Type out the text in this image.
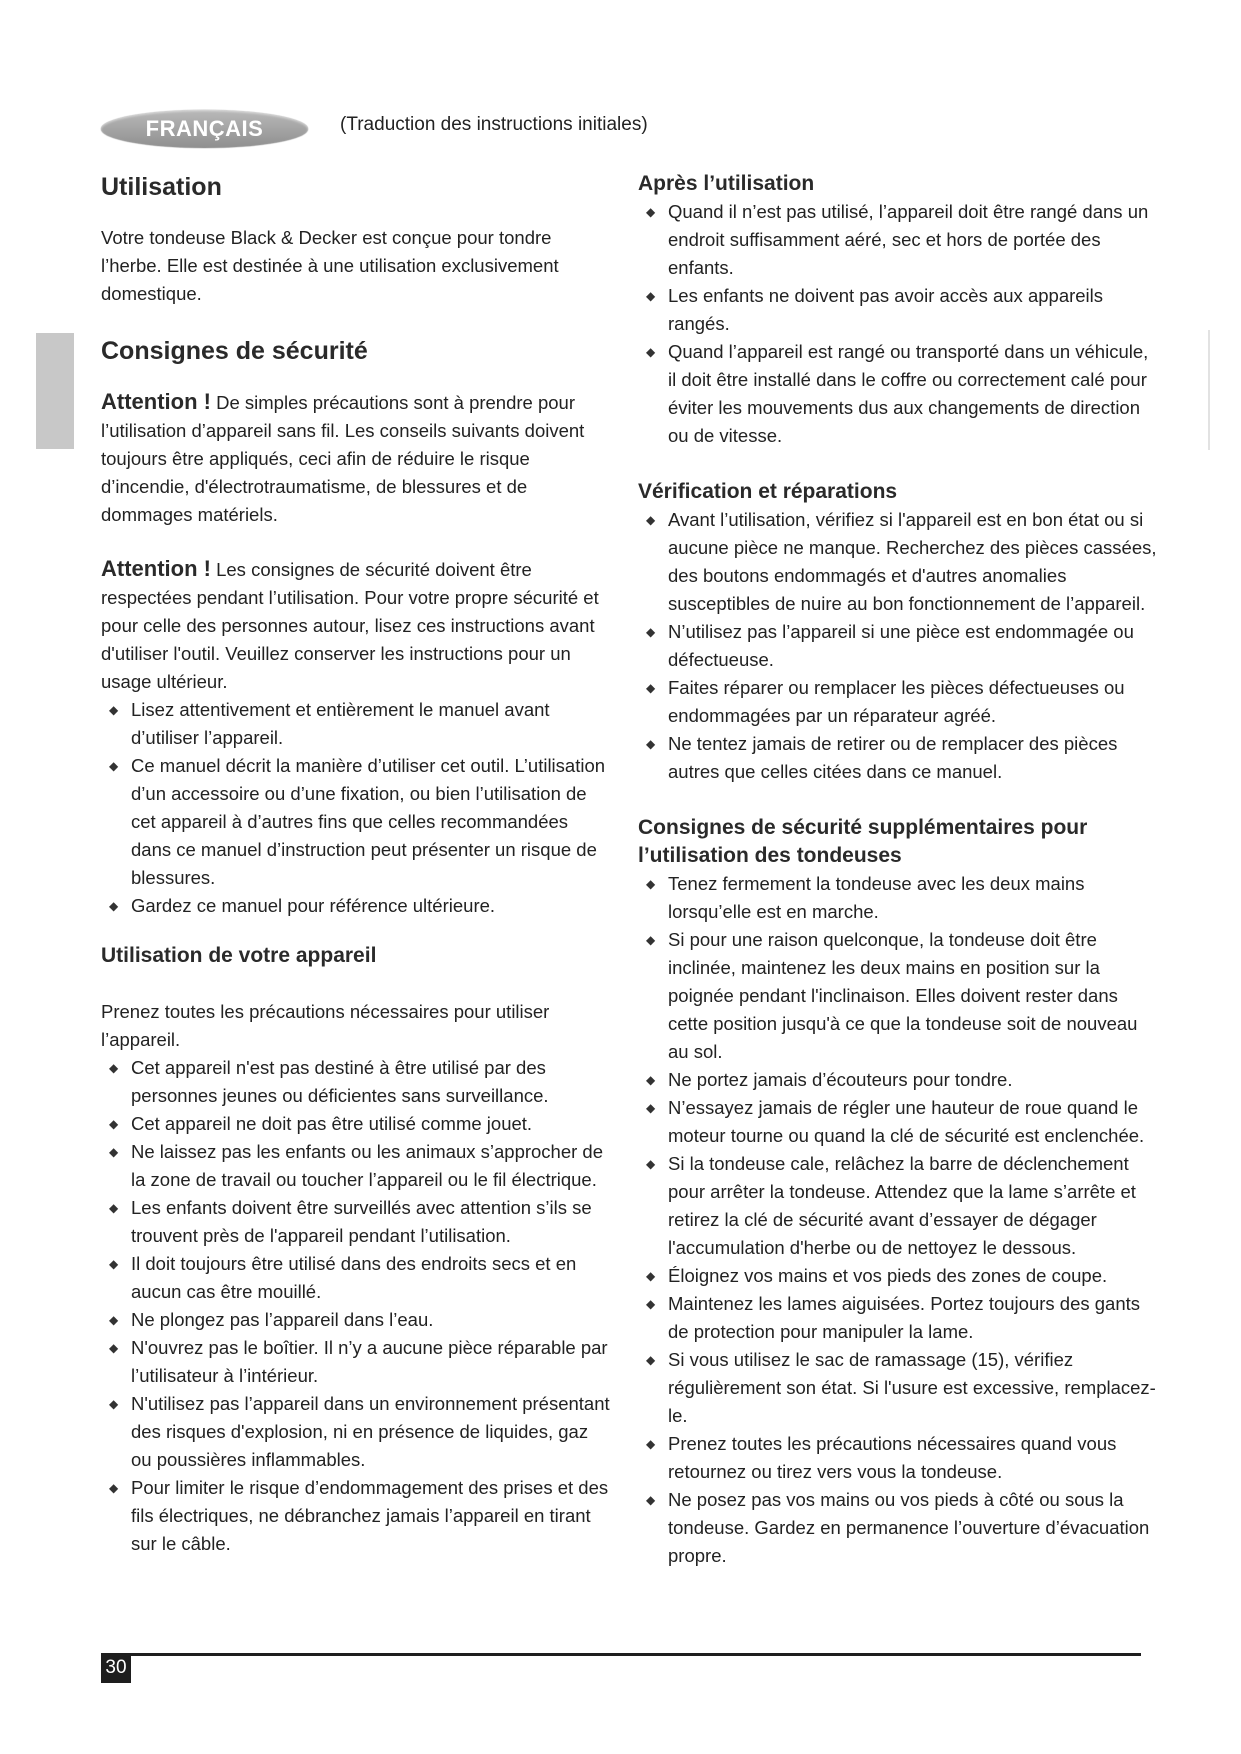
FRANÇAIS	(Traduction des instructions initiales)
Utilisation

Votre tondeuse Black & Decker est conçue pour tondre l’herbe. Elle est destinée à une utilisation exclusivement domestique.

Consignes de sécurité

Attention ! De simples précautions sont à prendre pour l’utilisation d’appareil sans fil. Les conseils suivants doivent toujours être appliqués, ceci afin de réduire le risque d’incendie, d'électrotraumatisme, de blessures et de dommages matériels.

Attention ! Les consignes de sécurité doivent être respectées pendant l’utilisation. Pour votre propre sécurité et pour celle des personnes autour, lisez ces instructions avant d'utiliser l'outil. Veuillez conserver les instructions pour un usage ultérieur.

◆ Lisez attentivement et entièrement le manuel avant d’utiliser l’appareil.
◆ Ce manuel décrit la manière d’utiliser cet outil. L’utilisation d’un accessoire ou d’une fixation, ou bien l’utilisation de cet appareil à d’autres fins que celles recommandées dans ce manuel d’instruction peut présenter un risque de blessures.
◆ Gardez ce manuel pour référence ultérieure.
Utilisation de votre appareil

Prenez toutes les précautions nécessaires pour utiliser l’appareil.

◆ Cet appareil n'est pas destiné à être utilisé par des personnes jeunes ou déficientes sans surveillance.
◆ Cet appareil ne doit pas être utilisé comme jouet.
◆ Ne laissez pas les enfants ou les animaux s’approcher de la zone de travail ou toucher l’appareil ou le fil électrique.
◆ Les enfants doivent être surveillés avec attention s’ils se trouvent près de l'appareil pendant l’utilisation.
◆ Il doit toujours être utilisé dans des endroits secs et en aucun cas être mouillé.
◆ Ne plongez pas l’appareil dans l’eau.
◆ N'ouvrez pas le boîtier. Il n’y a aucune pièce réparable par l’utilisateur à l’intérieur.
◆ N'utilisez pas l’appareil dans un environnement présentant des risques d'explosion, ni en présence de liquides, gaz ou poussières inflammables.
◆ Pour limiter le risque d’endommagement des prises et des fils électriques, ne débranchez jamais l’appareil en tirant sur le câble.
Après l’utilisation
◆ Quand il n’est pas utilisé, l’appareil doit être rangé dans un endroit suffisamment aéré, sec et hors de portée des enfants.
◆ Les enfants ne doivent pas avoir accès aux appareils rangés.
◆ Quand l’appareil est rangé ou transporté dans un véhicule, il doit être installé dans le coffre ou correctement calé pour éviter les mouvements dus aux changements de direction ou de vitesse.
Vérification et réparations
◆ Avant l’utilisation, vérifiez si l'appareil est en bon état ou si aucune pièce ne manque. Recherchez des pièces cassées, des boutons endommagés et d'autres anomalies susceptibles de nuire au bon fonctionnement de l’appareil.
◆ N’utilisez pas l’appareil si une pièce est endommagée ou défectueuse.
◆ Faites réparer ou remplacer les pièces défectueuses ou endommagées par un réparateur agréé.
◆ Ne tentez jamais de retirer ou de remplacer des pièces autres que celles citées dans ce manuel.
Consignes de sécurité supplémentaires pour l’utilisation des tondeuses
◆ Tenez fermement la tondeuse avec les deux mains lorsqu’elle est en marche.
◆ Si pour une raison quelconque, la tondeuse doit être inclinée, maintenez les deux mains en position sur la poignée pendant l'inclinaison. Elles doivent rester dans cette position jusqu'à ce que la tondeuse soit de nouveau au sol.
◆ Ne portez jamais d’écouteurs pour tondre.
◆ N’essayez jamais de régler une hauteur de roue quand le moteur tourne ou quand la clé de sécurité est enclenchée.
◆ Si la tondeuse cale, relâchez la barre de déclenchement pour arrêter la tondeuse. Attendez que la lame s’arrête et retirez la clé de sécurité avant d’essayer de dégager l'accumulation d'herbe ou de nettoyez le dessous.
◆ Éloignez vos mains et vos pieds des zones de coupe.
◆ Maintenez les lames aiguisées. Portez toujours des gants de protection pour manipuler la lame.
◆ Si vous utilisez le sac de ramassage (15), vérifiez régulièrement son état. Si l'usure est excessive, remplacez-le.
◆ Prenez toutes les précautions nécessaires quand vous retournez ou tirez vers vous la tondeuse.
◆ Ne posez pas vos mains ou vos pieds à côté ou sous la tondeuse. Gardez en permanence l’ouverture d’évacuation propre.
30
